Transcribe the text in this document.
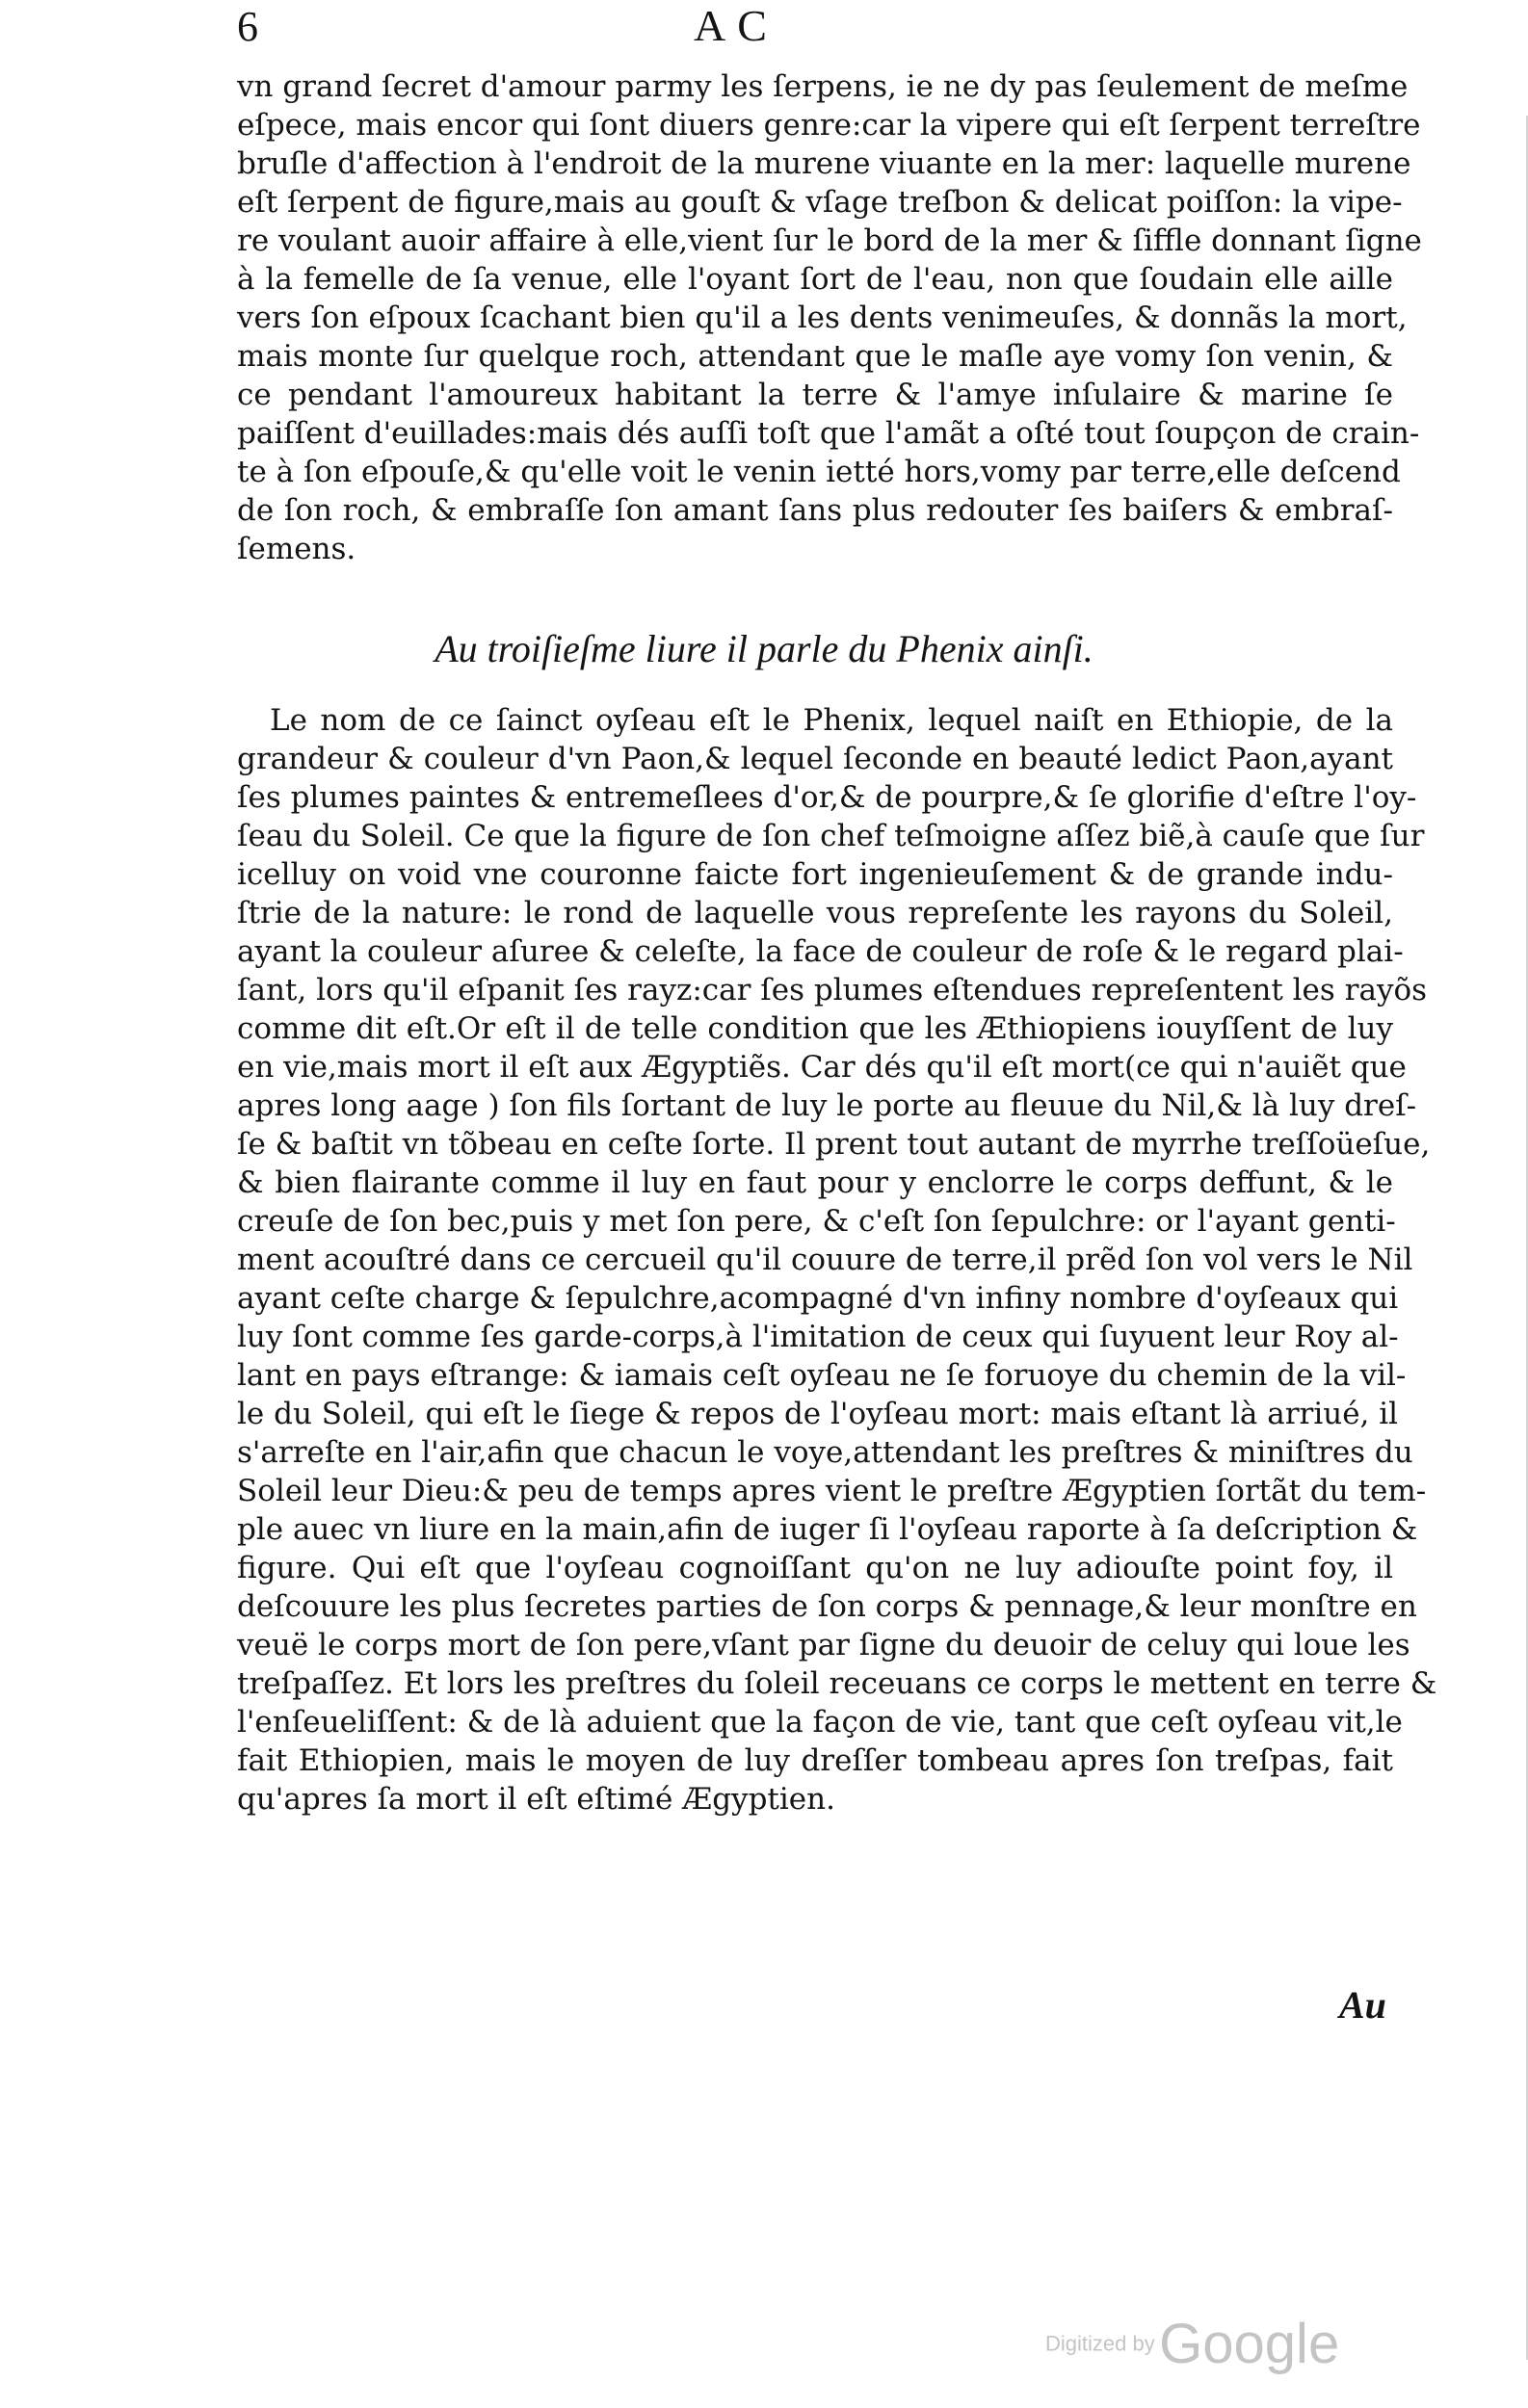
6	AC
vn grand ſecret d'amour parmy les ſerpens, ie ne dy pas ſeulement de meſme
eſpece, mais encor qui ſont diuers genre:car la vipere qui eſt ſerpent terreſtre
bruſle d'affection à l'endroit de la murene viuante en la mer: laquelle murene
eſt ſerpent de figure,mais au gouſt & vſage treſbon & delicat poiſſon: la vipe-
re voulant auoir affaire à elle,vient ſur le bord de la mer & ſiffle donnant ſigne
à la femelle de ſa venue, elle l'oyant ſort de l'eau, non que ſoudain elle aille
vers ſon eſpoux ſcachant bien qu'il a les dents venimeuſes, & donnãs la mort,
mais monte ſur quelque roch, attendant que le maſle aye vomy ſon venin, &
ce pendant l'amoureux habitant la terre & l'amye inſulaire & marine ſe
paiſſent d'euillades:mais dés auſſi toſt que l'amãt a oſté tout ſoupçon de crain-
te à ſon eſpouſe,& qu'elle voit le venin ietté hors,vomy par terre,elle deſcend
de ſon roch, & embraſſe ſon amant ſans plus redouter ſes baiſers & embraſ-
ſemens.
Au troiſieſme liure il parle du Phenix ainſi.
Le nom de ce ſainct oyſeau eſt le Phenix, lequel naiſt en Ethiopie, de la
grandeur & couleur d'vn Paon,& lequel ſeconde en beauté ledict Paon,ayant
ſes plumes paintes & entremeſlees d'or,& de pourpre,& ſe glorifie d'eſtre l'oy-
ſeau du Soleil. Ce que la figure de ſon chef teſmoigne aſſez biẽ,à cauſe que ſur
icelluy on void vne couronne faicte fort ingenieuſement & de grande indu-
ſtrie de la nature: le rond de laquelle vous repreſente les rayons du Soleil,
ayant la couleur aſuree & celeſte, la face de couleur de roſe & le regard plai-
ſant, lors qu'il eſpanit ſes rayz:car ſes plumes eſtendues repreſentent les rayõs
comme dit eſt.Or eſt il de telle condition que les Æthiopiens iouyſſent de luy
en vie,mais mort il eſt aux Ægyptiẽs. Car dés qu'il eſt mort(ce qui n'auiẽt que
apres long aage ) ſon fils ſortant de luy le porte au fleuue du Nil,& là luy dreſ-
ſe & baſtit vn tõbeau en ceſte ſorte. Il prent tout autant de myrrhe treſſoüeſue,
& bien flairante comme il luy en faut pour y enclorre le corps deffunt, & le
creuſe de ſon bec,puis y met ſon pere, & c'eſt ſon ſepulchre: or l'ayant genti-
ment acouſtré dans ce cercueil qu'il couure de terre,il prẽd ſon vol vers le Nil
ayant ceſte charge & ſepulchre,acompagné d'vn infiny nombre d'oyſeaux qui
luy ſont comme ſes garde-corps,à l'imitation de ceux qui ſuyuent leur Roy al-
lant en pays eſtrange: & iamais ceſt oyſeau ne ſe foruoye du chemin de la vil-
le du Soleil, qui eſt le ſiege & repos de l'oyſeau mort: mais eſtant là arriué, il
s'arreſte en l'air,afin que chacun le voye,attendant les preſtres & miniſtres du
Soleil leur Dieu:& peu de temps apres vient le preſtre Ægyptien ſortãt du tem-
ple auec vn liure en la main,afin de iuger ſi l'oyſeau raporte à ſa deſcription &
figure. Qui eſt que l'oyſeau cognoiſſant qu'on ne luy adiouſte point foy, il
deſcouure les plus ſecretes parties de ſon corps & pennage,& leur monſtre en
veuë le corps mort de ſon pere,vſant par ſigne du deuoir de celuy qui loue les
treſpaſſez. Et lors les preſtres du ſoleil receuans ce corps le mettent en terre &
l'enſeueliſſent: & de là aduient que la façon de vie, tant que ceſt oyſeau vit,le
fait Ethiopien, mais le moyen de luy dreſſer tombeau apres ſon treſpas, fait
qu'apres ſa mort il eſt eſtimé Ægyptien.
Au
Digitized by Google
